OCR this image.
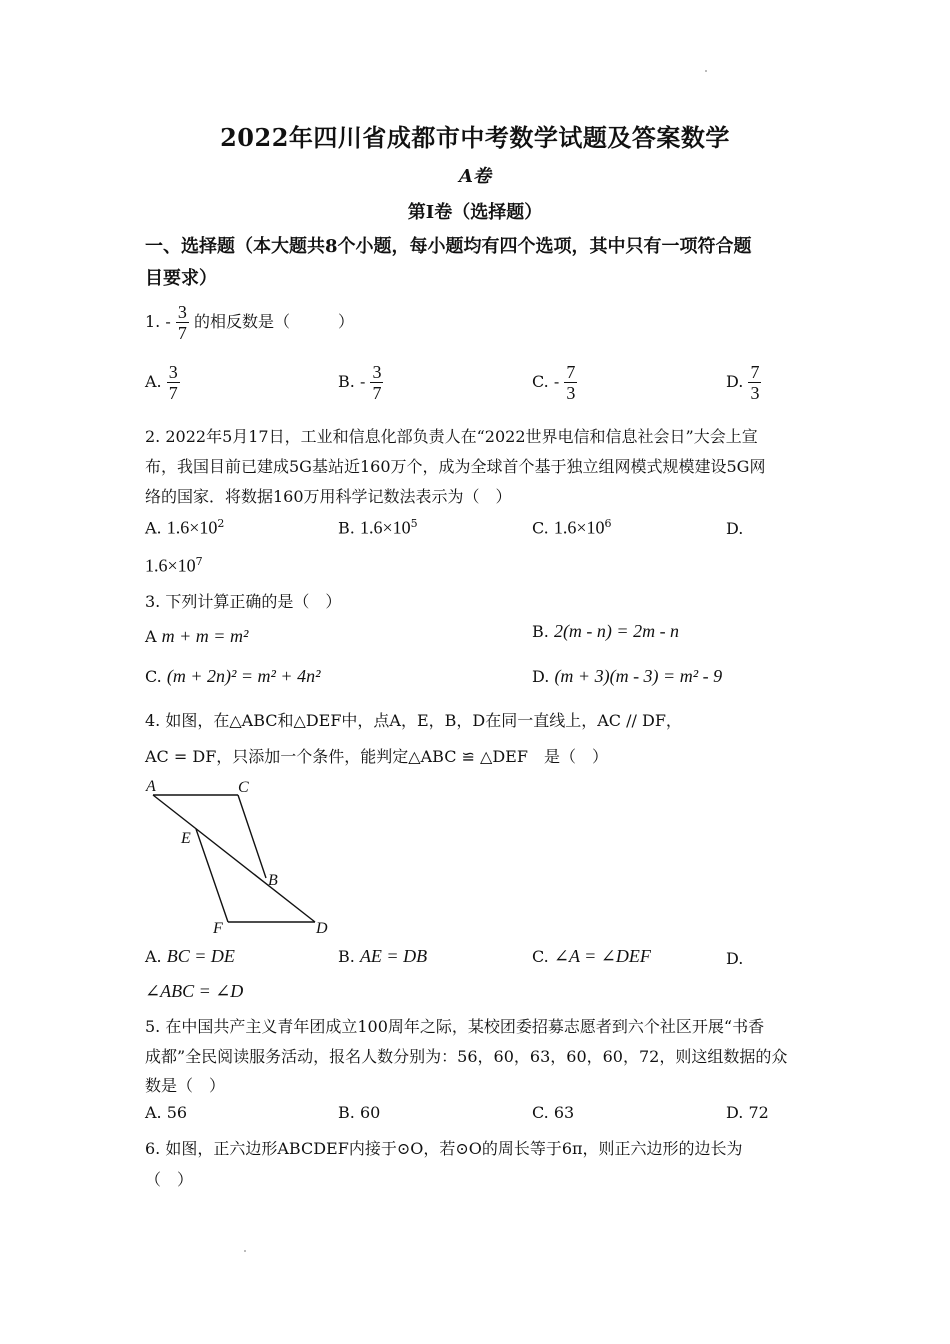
2022年四川省成都市中考数学试题及答案数学
A卷
第Ⅰ卷（选择题）
一、选择题（本大题共8个小题，每小题均有四个选项，其中只有一项符合题
目要求）
1. - $\frac{3}{7}$ 的相反数是（　　　）
A. $\frac{3}{7}$	B. - $\frac{3}{7}$	C. - $\frac{7}{3}$	D. $\frac{7}{3}$
2. 2022年5月17日，工业和信息化部负责人在“2022世界电信和信息社会日”大会上宣
布，我国目前已建成5G基站近160万个，成为全球首个基于独立组网模式规模建设5G网
络的国家．将数据160万用科学记数法表示为（　）
A. $1.6\times 10^2$	B. $1.6\times 10^5$	C. $1.6\times 10^6$	D.
$1.6\times 10^7$
3. 下列计算正确的是（　）
A m + m = m²	B. 2(m - n) = 2m - n
C. (m + 2n)² = m² + 4n²	D. (m + 3)(m - 3) = m² - 9
4. 如图，在△ABC和△DEF中，点A，E，B，D在同一直线上，AC // DF，
AC = DF，只添加一个条件，能判定△ABC ≌ △DEF　是（　）
A	C
E
B
F	D
A. BC = DE	B. AE = DB	C. ∠A = ∠DEF	D.
∠ABC = ∠D
5. 在中国共产主义青年团成立100周年之际，某校团委招募志愿者到六个社区开展“书香
成都”全民阅读服务活动，报名人数分别为：56，60，63，60，60，72，则这组数据的众
数是（　）
A. 56	B. 60	C. 63	D. 72
6. 如图，正六边形ABCDEF内接于⊙O，若⊙O的周长等于6π，则正六边形的边长为
（　）
